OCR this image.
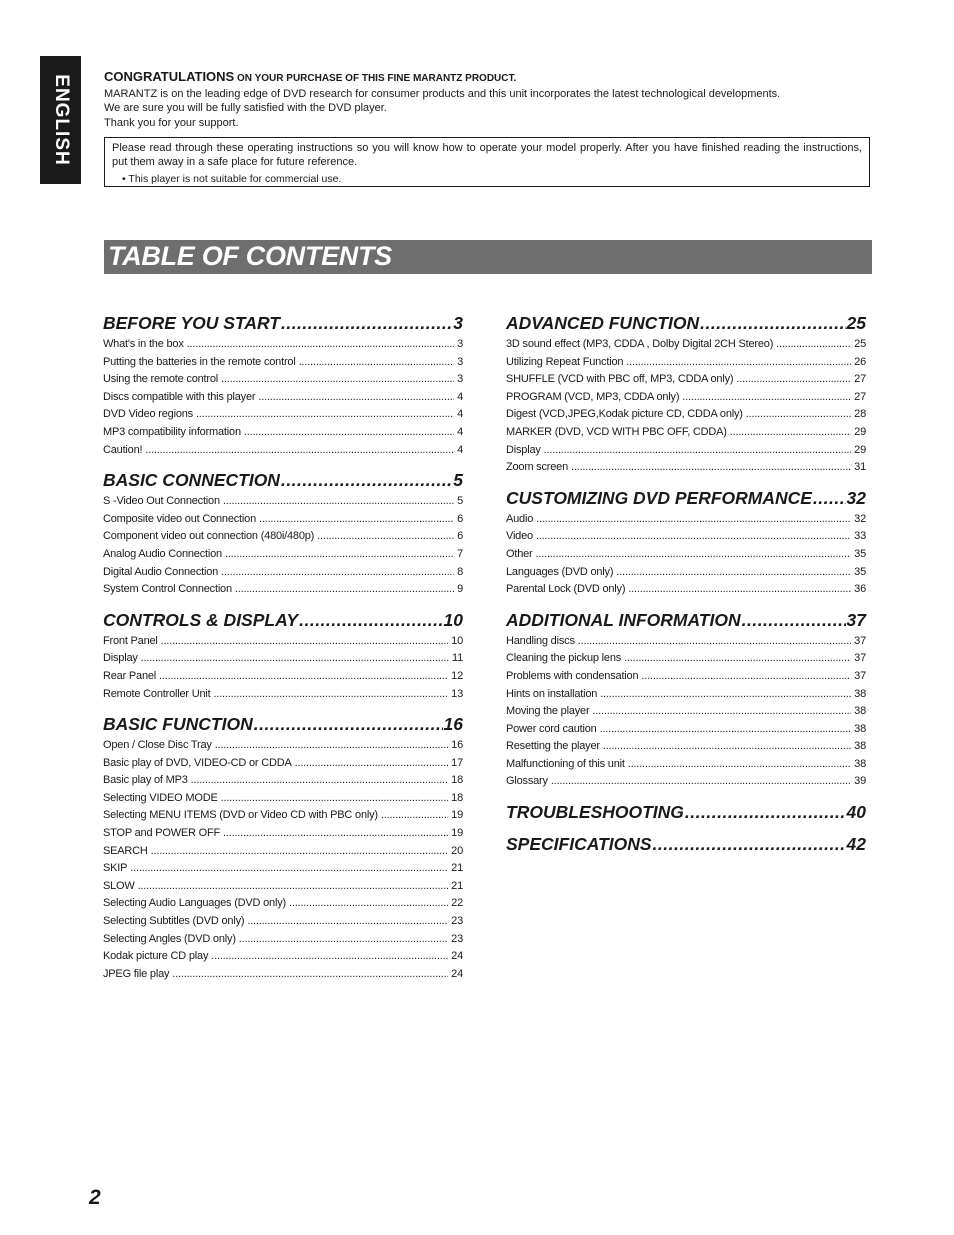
ENGLISH	CONGRATULATIONS ON YOUR PURCHASE OF THIS FINE MARANTZ PRODUCT.
MARANTZ is on the leading edge of DVD research for consumer products and this unit incorporates the latest technological developments.
We are sure you will be fully satisfied with the DVD player.
Thank you for your support.
Please read through these operating instructions so you will know how to operate your model properly. After you have finished reading the instructions, put them away in a safe place for future reference.
• This player is not suitable for commercial use.
TABLE OF CONTENTS
BEFORE YOU START .....	3
What's in the box .....	3
Putting the batteries in the remote control .....	3
Using the remote control .....	3
Discs compatible with this player .....	4
DVD Video regions .....	4
MP3 compatibility information .....	4
Caution! .....	4
BASIC CONNECTION .....	5
S -Video Out Connection .....	5
Composite video out Connection .....	6
Component video out connection (480i/480p) .....	6
Analog Audio Connection .....	7
Digital Audio Connection .....	8
System Control Connection .....	9
CONTROLS & DISPLAY .....	10
Front Panel .....	10
Display .....	11
Rear Panel .....	12
Remote Controller Unit .....	13
BASIC FUNCTION .....	16
Open / Close Disc Tray .....	16
Basic play of DVD, VIDEO-CD or CDDA .....	17
Basic play of MP3 .....	18
Selecting VIDEO MODE .....	18
Selecting MENU ITEMS (DVD or Video CD with PBC only) .....	19
STOP and POWER OFF .....	19
SEARCH .....	20
SKIP .....	21
SLOW .....	21
Selecting Audio Languages (DVD only) .....	22
Selecting Subtitles (DVD only) .....	23
Selecting Angles (DVD only) .....	23
Kodak picture CD play .....	24
JPEG file play .....	24
ADVANCED FUNCTION .....	25
3D sound effect (MP3, CDDA , Dolby Digital 2CH Stereo) .....	25
Utilizing Repeat Function .....	26
SHUFFLE (VCD with PBC off, MP3, CDDA only) .....	27
PROGRAM (VCD, MP3, CDDA only) .....	27
Digest (VCD,JPEG,Kodak picture CD, CDDA only) .....	28
MARKER (DVD, VCD WITH PBC OFF, CDDA) .....	29
Display .....	29
Zoom screen .....	31
CUSTOMIZING DVD PERFORMANCE ..... 32
Audio .....	32
Video .....	33
Other .....	35
Languages (DVD only) .....	35
Parental Lock (DVD only) .....	36
ADDITIONAL INFORMATION .....	37
Handling discs .....	37
Cleaning the pickup lens .....	37
Problems with condensation .....	37
Hints on installation .....	38
Moving the player .....	38
Power cord caution .....	38
Resetting the player .....	38
Malfunctioning of this unit .....	38
Glossary .....	39
TROUBLESHOOTING .....	40
SPECIFICATIONS .....	42
2
